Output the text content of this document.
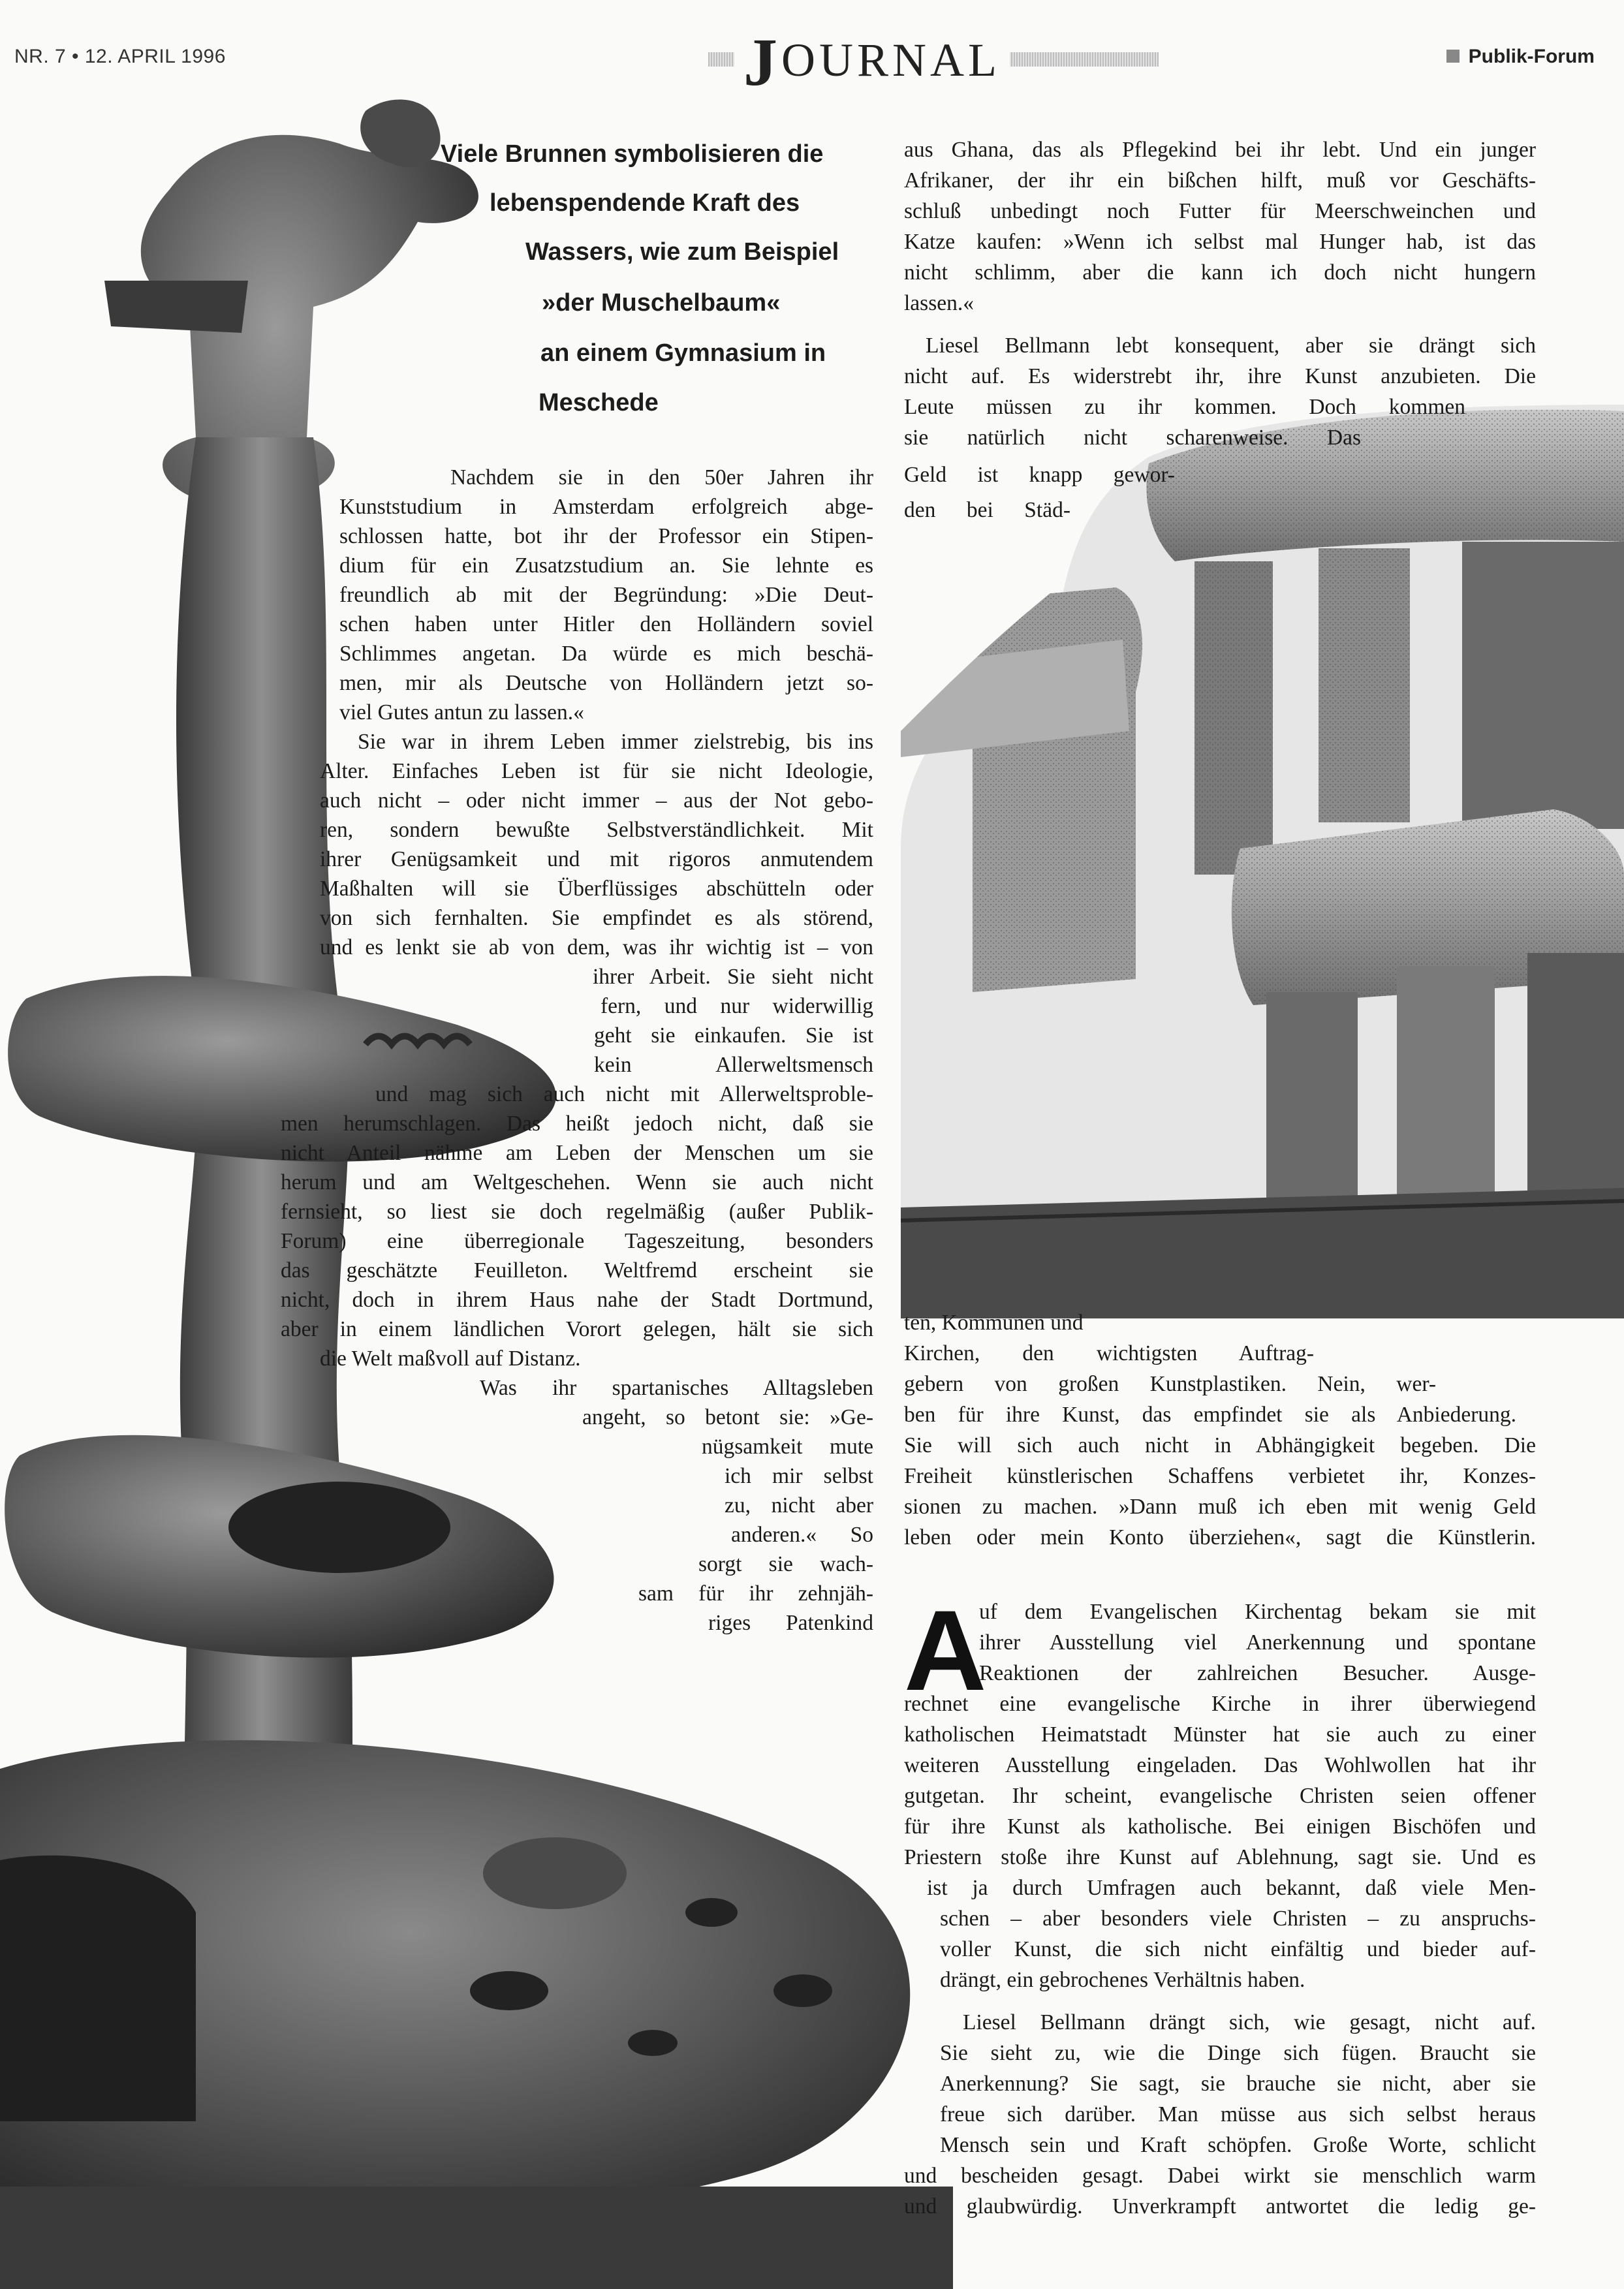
NR. 7 • 12. APRIL 1996	JOURNAL	Publik-Forum
Viele Brunnen symbolisieren die
lebenspendende Kraft des
Wassers, wie zum Beispiel
»der Muschelbaum«
an einem Gymnasium in
Meschede
Nachdem sie in den 50er Jahren ihr
Kunststudium in Amsterdam erfolgreich abge-
schlossen hatte, bot ihr der Professor ein Stipen-
dium für ein Zusatzstudium an. Sie lehnte es
freundlich ab mit der Begründung: »Die Deut-
schen haben unter Hitler den Holländern soviel
Schlimmes angetan. Da würde es mich beschä-
men, mir als Deutsche von Holländern jetzt so-
viel Gutes antun zu lassen.«
Sie war in ihrem Leben immer zielstrebig, bis ins
Alter. Einfaches Leben ist für sie nicht Ideologie,
auch nicht – oder nicht immer – aus der Not gebo-
ren, sondern bewußte Selbstverständlichkeit. Mit
ihrer Genügsamkeit und mit rigoros anmutendem
Maßhalten will sie Überflüssiges abschütteln oder
von sich fernhalten. Sie empfindet es als störend,
und es lenkt sie ab von dem, was ihr wichtig ist – von
ihrer Arbeit. Sie sieht nicht
fern, und nur widerwillig
geht sie einkaufen. Sie ist
kein Allerweltsmensch
und mag sich auch nicht mit Allerweltsproble-
men herumschlagen. Das heißt jedoch nicht, daß sie
nicht Anteil nähme am Leben der Menschen um sie
herum und am Weltgeschehen. Wenn sie auch nicht
fernsieht, so liest sie doch regelmäßig (außer Publik-
Forum) eine überregionale Tageszeitung, besonders
das geschätzte Feuilleton. Weltfremd erscheint sie
nicht, doch in ihrem Haus nahe der Stadt Dortmund,
aber in einem ländlichen Vorort gelegen, hält sie sich
die Welt maßvoll auf Distanz.
Was ihr spartanisches Alltagsleben
angeht, so betont sie: »Ge-
nügsamkeit mute
ich mir selbst
zu, nicht aber
anderen.« So
sorgt sie wach-
sam für ihr zehnjäh-
riges Patenkind
aus Ghana, das als Pflegekind bei ihr lebt. Und ein junger
Afrikaner, der ihr ein bißchen hilft, muß vor Geschäfts-
schluß unbedingt noch Futter für Meerschweinchen und
Katze kaufen: »Wenn ich selbst mal Hunger hab, ist das
nicht schlimm, aber die kann ich doch nicht hungern
lassen.«
Liesel Bellmann lebt konsequent, aber sie drängt sich
nicht auf. Es widerstrebt ihr, ihre Kunst anzubieten. Die
Leute müssen zu ihr kommen. Doch kommen
sie natürlich nicht scharenweise. Das
Geld ist knapp gewor-
den bei Städ-
ten, Kommunen und
Kirchen, den wichtigsten Auftrag-
gebern von großen Kunstplastiken. Nein, wer-
ben für ihre Kunst, das empfindet sie als Anbiederung.
Sie will sich auch nicht in Abhängigkeit begeben. Die
Freiheit künstlerischen Schaffens verbietet ihr, Konzes-
sionen zu machen. »Dann muß ich eben mit wenig Geld
leben oder mein Konto überziehen«, sagt die Künstlerin.
A
uf dem Evangelischen Kirchentag bekam sie mit
ihrer Ausstellung viel Anerkennung und spontane
Reaktionen der zahlreichen Besucher. Ausge-
rechnet eine evangelische Kirche in ihrer überwiegend
katholischen Heimatstadt Münster hat sie auch zu einer
weiteren Ausstellung eingeladen. Das Wohlwollen hat ihr
gutgetan. Ihr scheint, evangelische Christen seien offener
für ihre Kunst als katholische. Bei einigen Bischöfen und
Priestern stoße ihre Kunst auf Ablehnung, sagt sie. Und es
ist ja durch Umfragen auch bekannt, daß viele Men-
schen – aber besonders viele Christen – zu anspruchs-
voller Kunst, die sich nicht einfältig und bieder auf-
drängt, ein gebrochenes Verhältnis haben.
Liesel Bellmann drängt sich, wie gesagt, nicht auf.
Sie sieht zu, wie die Dinge sich fügen. Braucht sie
Anerkennung? Sie sagt, sie brauche sie nicht, aber sie
freue sich darüber. Man müsse aus sich selbst heraus
Mensch sein und Kraft schöpfen. Große Worte, schlicht
und bescheiden gesagt. Dabei wirkt sie menschlich warm
und glaubwürdig. Unverkrampft antwortet die ledig ge-
